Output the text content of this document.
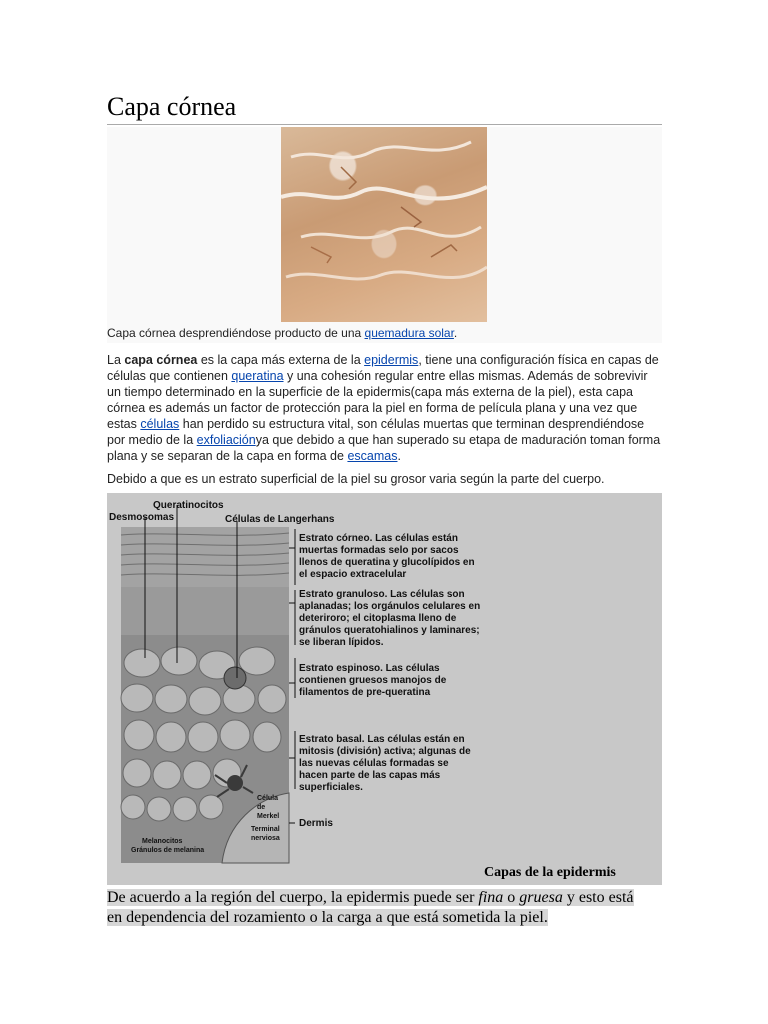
Capa córnea
Capa córnea desprendiéndose producto de una quemadura solar.
La capa córnea es la capa más externa de la epidermis, tiene una configuración física en capas de células que contienen queratina y una cohesión regular entre ellas mismas. Además de sobrevivir un tiempo determinado en la superficie de la epidermis(capa más externa de la piel), esta capa córnea es además un factor de protección para la piel en forma de película plana y una vez que estas células han perdido su estructura vital, son células muertas que terminan desprendiéndose por medio de la exfoliaciónya que debido a que han superado su etapa de maduración toman forma plana y se separan de la capa en forma de escamas.
Debido a que es un estrato superficial de la piel su grosor varia según la parte del cuerpo.
Queratinocitos
Desmosomas	Células de Langerhans
Estrato córneo. Las células están muertas formadas selo por sacos llenos de queratina y glucolípidos en el espacio extracelular
Estrato granuloso. Las células son aplanadas; los orgánulos celulares en deteriroro; el citoplasma lleno de gránulos queratohialinos y laminares; se liberan lípidos.
Estrato espinoso. Las células contienen gruesos manojos de filamentos de pre-queratina
Estrato basal. Las células están en mitosis (división) activa; algunas de las nuevas células formadas se hacen parte de las capas más superficiales.
Dermis
Célula de Merkel
Terminal nerviosa
Melanocitos
Gránulos de melanina
Capas de la epidermis
De acuerdo a la región del cuerpo, la epidermis puede ser fina o gruesa y esto está en dependencia del rozamiento o la carga a que está sometida la piel.
